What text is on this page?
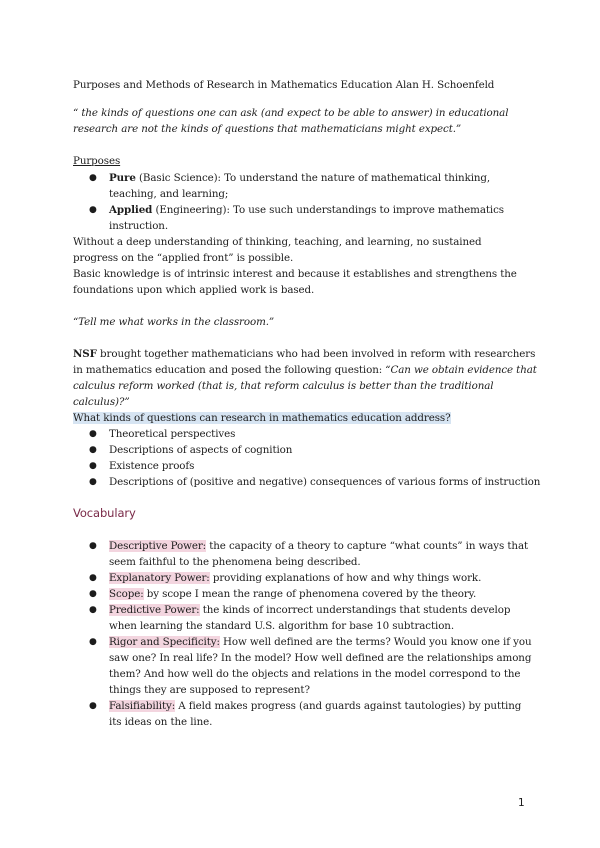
Purposes and Methods of Research in Mathematics Education Alan H. Schoenfeld
“ the kinds of questions one can ask (and expect to be able to answer) in educational research are not the kinds of questions that mathematicians might expect.”
Purposes
● Pure (Basic Science): To understand the nature of mathematical thinking, teaching, and learning;
● Applied (Engineering): To use such understandings to improve mathematics instruction.
Without a deep understanding of thinking, teaching, and learning, no sustained progress on the “applied front” is possible.
Basic knowledge is of intrinsic interest and because it establishes and strengthens the foundations upon which applied work is based.
“Tell me what works in the classroom.”
NSF brought together mathematicians who had been involved in reform with researchers in mathematics education and posed the following question: “Can we obtain evidence that calculus reform worked (that is, that reform calculus is better than the traditional calculus)?”
What kinds of questions can research in mathematics education address?
● Theoretical perspectives
● Descriptions of aspects of cognition
● Existence proofs
● Descriptions of (positive and negative) consequences of various forms of instruction
Vocabulary
● Descriptive Power: the capacity of a theory to capture “what counts” in ways that seem faithful to the phenomena being described.
● Explanatory Power: providing explanations of how and why things work.
● Scope: by scope I mean the range of phenomena covered by the theory.
● Predictive Power: the kinds of incorrect understandings that students develop when learning the standard U.S. algorithm for base 10 subtraction.
● Rigor and Specificity: How well defined are the terms? Would you know one if you saw one? In real life? In the model? How well defined are the relationships among them? And how well do the objects and relations in the model correspond to the things they are supposed to represent?
● Falsifiability: A field makes progress (and guards against tautologies) by putting its ideas on the line.
1
